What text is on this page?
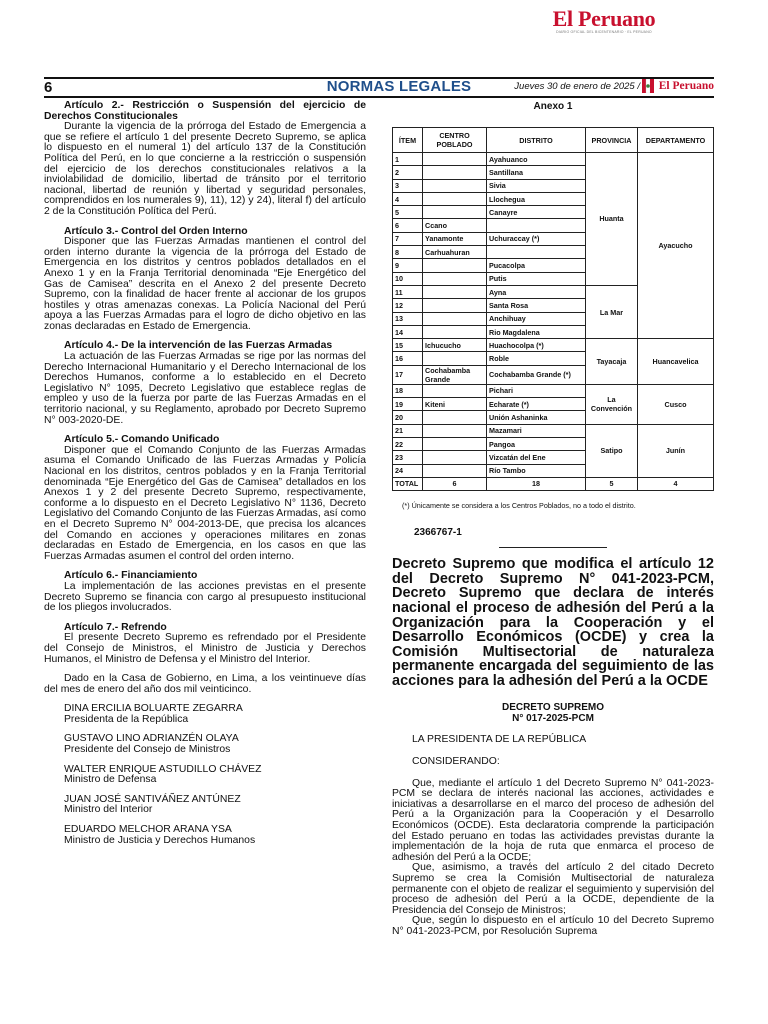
El Peruano
DIARIO OFICIAL DEL BICENTENARIO · EL PERUANO
6	NORMAS LEGALES	Jueves 30 de enero de 2025 / El Peruano

Artículo 2.- Restricción o Suspensión del ejercicio de Derechos Constitucionales

Durante la vigencia de la prórroga del Estado de Emergencia a que se refiere el artículo 1 del presente Decreto Supremo, se aplica lo dispuesto en el numeral 1) del artículo 137 de la Constitución Política del Perú, en lo que concierne a la restricción o suspensión del ejercicio de los derechos constitucionales relativos a la inviolabilidad de domicilio, libertad de tránsito por el territorio nacional, libertad de reunión y libertad y seguridad personales, comprendidos en los numerales 9), 11), 12) y 24), literal f) del artículo 2 de la Constitución Política del Perú.

Artículo 3.- Control del Orden Interno

Disponer que las Fuerzas Armadas mantienen el control del orden interno durante la vigencia de la prórroga del Estado de Emergencia en los distritos y centros poblados detallados en el Anexo 1 y en la Franja Territorial denominada “Eje Energético del Gas de Camisea” descrita en el Anexo 2 del presente Decreto Supremo, con la finalidad de hacer frente al accionar de los grupos hostiles y otras amenazas conexas. La Policía Nacional del Perú apoya a las Fuerzas Armadas para el logro de dicho objetivo en las zonas declaradas en Estado de Emergencia.

Artículo 4.- De la intervención de las Fuerzas Armadas

La actuación de las Fuerzas Armadas se rige por las normas del Derecho Internacional Humanitario y el Derecho Internacional de los Derechos Humanos, conforme a lo establecido en el Decreto Legislativo N° 1095, Decreto Legislativo que establece reglas de empleo y uso de la fuerza por parte de las Fuerzas Armadas en el territorio nacional, y su Reglamento, aprobado por Decreto Supremo N° 003-2020-DE.

Artículo 5.- Comando Unificado

Disponer que el Comando Conjunto de las Fuerzas Armadas asuma el Comando Unificado de las Fuerzas Armadas y Policía Nacional en los distritos, centros poblados y en la Franja Territorial denominada “Eje Energético del Gas de Camisea” detallados en los Anexos 1 y 2 del presente Decreto Supremo, respectivamente, conforme a lo dispuesto en el Decreto Legislativo N° 1136, Decreto Legislativo del Comando Conjunto de las Fuerzas Armadas, así como en el Decreto Supremo N° 004-2013-DE, que precisa los alcances del Comando en acciones y operaciones militares en zonas declaradas en Estado de Emergencia, en los casos en que las Fuerzas Armadas asumen el control del orden interno.

Artículo 6.- Financiamiento

La implementación de las acciones previstas en el presente Decreto Supremo se financia con cargo al presupuesto institucional de los pliegos involucrados.

Artículo 7.- Refrendo

El presente Decreto Supremo es refrendado por el Presidente del Consejo de Ministros, el Ministro de Justicia y Derechos Humanos, el Ministro de Defensa y el Ministro del Interior.

Dado en la Casa de Gobierno, en Lima, a los veintinueve días del mes de enero del año dos mil veinticinco.

DINA ERCILIA BOLUARTE ZEGARRA

Presidenta de la República

GUSTAVO LINO ADRIANZÉN OLAYA

Presidente del Consejo de Ministros

WALTER ENRIQUE ASTUDILLO CHÁVEZ

Ministro de Defensa

JUAN JOSÉ SANTIVÁÑEZ ANTÚNEZ

Ministro del Interior

EDUARDO MELCHOR ARANA YSA

Ministro de Justicia y Derechos Humanos

Anexo 1
ÍTEM	CENTRO POBLADO	DISTRITO	PROVINCIA	DEPARTAMENTO
1		Ayahuanco	Huanta	Ayacucho
2		Santillana		
3		Sivia		
4		Llochegua		
5		Canayre		
6	Ccano			
7	Yanamonte	Uchuraccay (*)		
8	Carhuahuran			
9		Pucacolpa		
10		Putis		
11		Ayna	La Mar	
12		Santa Rosa		
13		Anchihuay		
14		Rio Magdalena		
15	Ichucucho	Huachocolpa (*)	Tayacaja	Huancavelica
16		Roble		
17	Cochabamba Grande	Cochabamba Grande (*)		
18		Pichari	La Convención	Cusco
19	Kiteni	Echarate (*)		
20		Unión Ashaninka		
21		Mazamari	Satipo	Junín
22		Pangoa		
23		Vizcatán del Ene		
24		Río Tambo		
TOTAL	6	18	5	4
(*) Únicamente se considera a los Centros Poblados, no a todo el distrito.
2366767-1
Decreto Supremo que modifica el artículo 12 del Decreto Supremo N° 041-2023-PCM, Decreto Supremo que declara de interés nacional el proceso de adhesión del Perú a la Organización para la Cooperación y el Desarrollo Económicos (OCDE) y crea la Comisión Multisectorial de naturaleza permanente encargada del seguimiento de las acciones para la adhesión del Perú a la OCDE
DECRETO SUPREMO
N° 017-2025-PCM

LA PRESIDENTA DE LA REPÚBLICA

CONSIDERANDO:

Que, mediante el artículo 1 del Decreto Supremo N° 041-2023-PCM se declara de interés nacional las acciones, actividades e iniciativas a desarrollarse en el marco del proceso de adhesión del Perú a la Organización para la Cooperación y el Desarrollo Económicos (OCDE). Esta declaratoria comprende la participación del Estado peruano en todas las actividades previstas durante la implementación de la hoja de ruta que enmarca el proceso de adhesión del Perú a la OCDE;

Que, asimismo, a través del artículo 2 del citado Decreto Supremo se crea la Comisión Multisectorial de naturaleza permanente con el objeto de realizar el seguimiento y supervisión del proceso de adhesión del Perú a la OCDE, dependiente de la Presidencia del Consejo de Ministros;

Que, según lo dispuesto en el artículo 10 del Decreto Supremo N° 041-2023-PCM, por Resolución Suprema
